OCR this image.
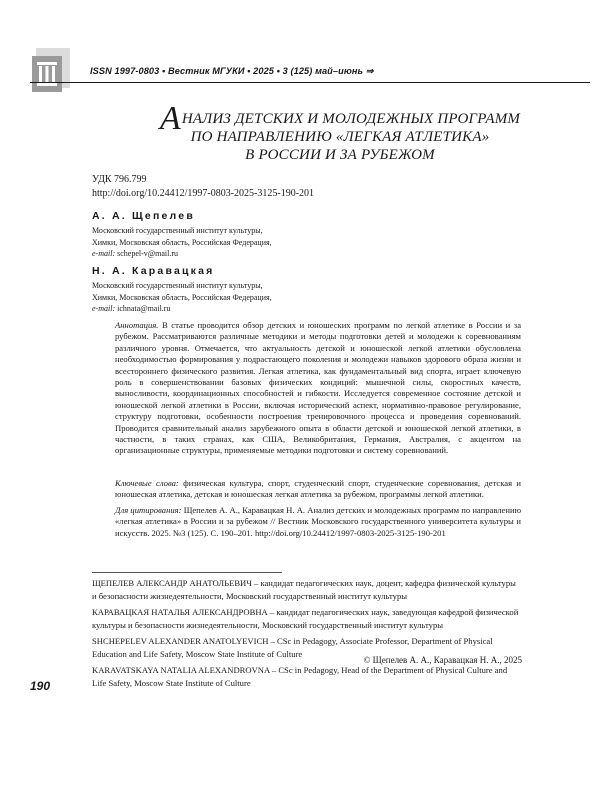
ISSN 1997-0803 • Вестник МГУКИ • 2025 • 3 (125) май–июнь ⇒
АНАЛИЗ ДЕТСКИХ И МОЛОДЕЖНЫХ ПРОГРАММ
ПО НАПРАВЛЕНИЮ «ЛЕГКАЯ АТЛЕТИКА»
В РОССИИ И ЗА РУБЕЖОМ
УДК 796.799
http://doi.org/10.24412/1997-0803-2025-3125-190-201
А. А. Щепелев
Московский государственный институт культуры,
Химки, Московская область, Российская Федерация,
e-mail: schepel-v@mail.ru
Н. А. Каравацкая
Московский государственный институт культуры,
Химки, Московская область, Российская Федерация,
e-mail: ichnata@mail.ru
Аннотация. В статье проводится обзор детских и юношеских программ по легкой атлетике в России и за рубежом. Рассматриваются различные методики и методы подготовки детей и молодежи к соревнованиям различного уровня. Отмечается, что актуальность детской и юношеской легкой атлетики обусловлена необходимостью формирования у подрастающего поколения и молодежи навыков здорового образа жизни и всестороннего физического развития. Легкая атлетика, как фундаментальный вид спорта, играет ключевую роль в совершенствовании базовых физических кондиций: мышечной силы, скоростных качеств, выносливости, координационных способностей и гибкости. Исследуется современное состояние детской и юношеской легкой атлетики в России, включая исторический аспект, нормативно-правовое регулирование, структуру подготовки, особенности построения тренировочного процесса и проведения соревнований. Проводится сравнительный анализ зарубежного опыта в области детской и юношеской легкой атлетики, в частности, в таких странах, как США, Великобритания, Германия, Австралия, с акцентом на организационные структуры, применяемые методики подготовки и систему соревнований.
Ключевые слова: физическая культура, спорт, студенческий спорт, студенческие соревнования, детская и юношеская атлетика, детская и юношеская легкая атлетика за рубежом, программы легкой атлетики.
Для цитирования: Щепелев А. А., Каравацкая Н. А. Анализ детских и молодежных программ по направлению «легкая атлетика» в России и за рубежом // Вестник Московского государственного университета культуры и искусств. 2025. №3 (125). С. 190–201. http://doi.org/10.24412/1997-0803-2025-3125-190-201
ЩЕПЕЛЕВ АЛЕКСАНДР АНАТОЛЬЕВИЧ – кандидат педагогических наук, доцент, кафедра физической культуры и безопасности жизнедеятельности, Московский государственный институт культуры
КАРАВАЦКАЯ НАТАЛЬЯ АЛЕКСАНДРОВНА – кандидат педагогических наук, заведующая кафедрой физической культуры и безопасности жизнедеятельности, Московский государственный институт культуры
SHCHEPELEV ALEXANDER ANATOLYEVICH – CSc in Pedagogy, Associate Professor, Department of Physical Education and Life Safety, Moscow State Institute of Culture
KARAVATSKAYA NATALIA ALEXANDROVNA – CSc in Pedagogy, Head of the Department of Physical Culture and Life Safety, Moscow State Institute of Culture
© Щепелев А. А., Каравацкая Н. А., 2025
190
